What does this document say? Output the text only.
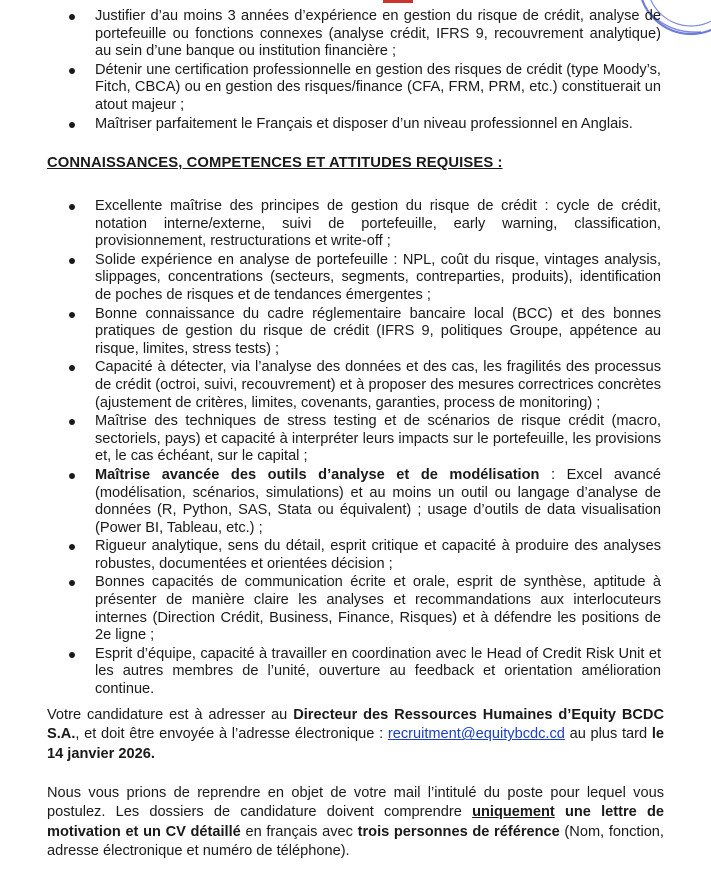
Justifier d’au moins 3 années d’expérience en gestion du risque de crédit, analyse de portefeuille ou fonctions connexes (analyse crédit, IFRS 9, recouvrement analytique) au sein d’une banque ou institution financière ;
Détenir une certification professionnelle en gestion des risques de crédit (type Moody’s, Fitch, CBCA) ou en gestion des risques/finance (CFA, FRM, PRM, etc.) constituerait un atout majeur ;
Maîtriser parfaitement le Français et disposer d’un niveau professionnel en Anglais.
CONNAISSANCES, COMPETENCES ET ATTITUDES REQUISES :
Excellente maîtrise des principes de gestion du risque de crédit : cycle de crédit, notation interne/externe, suivi de portefeuille, early warning, classification, provisionnement, restructurations et write-off ;
Solide expérience en analyse de portefeuille : NPL, coût du risque, vintages analysis, slippages, concentrations (secteurs, segments, contreparties, produits), identification de poches de risques et de tendances émergentes ;
Bonne connaissance du cadre réglementaire bancaire local (BCC) et des bonnes pratiques de gestion du risque de crédit (IFRS 9, politiques Groupe, appétence au risque, limites, stress tests) ;
Capacité à détecter, via l’analyse des données et des cas, les fragilités des processus de crédit (octroi, suivi, recouvrement) et à proposer des mesures correctrices concrètes (ajustement de critères, limites, covenants, garanties, process de monitoring) ;
Maîtrise des techniques de stress testing et de scénarios de risque crédit (macro, sectoriels, pays) et capacité à interpréter leurs impacts sur le portefeuille, les provisions et, le cas échéant, sur le capital ;
Maîtrise avancée des outils d’analyse et de modélisation : Excel avancé (modélisation, scénarios, simulations) et au moins un outil ou langage d’analyse de données (R, Python, SAS, Stata ou équivalent) ; usage d’outils de data visualisation (Power BI, Tableau, etc.) ;
Rigueur analytique, sens du détail, esprit critique et capacité à produire des analyses robustes, documentées et orientées décision ;
Bonnes capacités de communication écrite et orale, esprit de synthèse, aptitude à présenter de manière claire les analyses et recommandations aux interlocuteurs internes (Direction Crédit, Business, Finance, Risques) et à défendre les positions de 2e ligne ;
Esprit d’équipe, capacité à travailler en coordination avec le Head of Credit Risk Unit et les autres membres de l’unité, ouverture au feedback et orientation amélioration continue.

Votre candidature est à adresser au Directeur des Ressources Humaines d’Equity BCDC S.A., et doit être envoyée à l’adresse électronique : recruitment@equitybcdc.cd au plus tard le 14 janvier 2026.

Nous vous prions de reprendre en objet de votre mail l’intitulé du poste pour lequel vous postulez. Les dossiers de candidature doivent comprendre uniquement une lettre de motivation et un CV détaillé en français avec trois personnes de référence (Nom, fonction, adresse électronique et numéro de téléphone).
